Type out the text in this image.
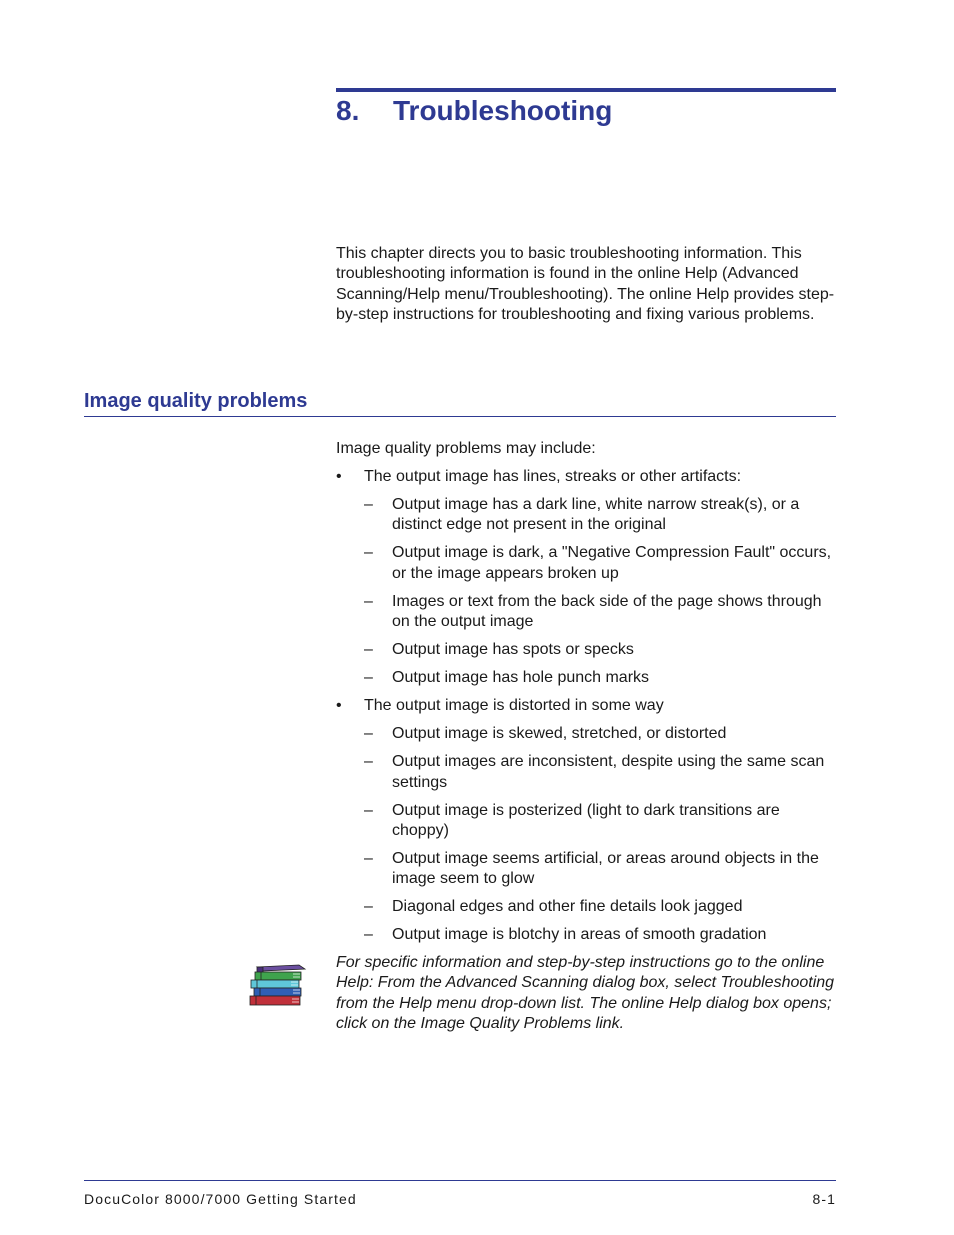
8. Troubleshooting

This chapter directs you to basic troubleshooting information. This troubleshooting information is found in the online Help (Advanced Scanning/Help menu/Troubleshooting). The online Help provides step-by-step instructions for troubleshooting and fixing various problems.

Image quality problems

Image quality problems may include:

•	The output image has lines, streaks or other artifacts:
– Output image has a dark line, white narrow streak(s), or a distinct edge not present in the original
– Output image is dark, a "Negative Compression Fault" occurs, or the image appears broken up
– Images or text from the back side of the page shows through on the output image
– Output image has spots or specks
– Output image has hole punch marks
•	The output image is distorted in some way
– Output image is skewed, stretched, or distorted
– Output images are inconsistent, despite using the same scan settings
– Output image is posterized (light to dark transitions are choppy)
– Output image seems artificial, or areas around objects in the image seem to glow
– Diagonal edges and other fine details look jagged
– Output image is blotchy in areas of smooth gradation

For specific information and step-by-step instructions go to the online Help: From the Advanced Scanning dialog box, select Troubleshooting from the Help menu drop-down list. The online Help dialog box opens; click on the Image Quality Problems link.

DocuColor 8000/7000 Getting Started	8-1
